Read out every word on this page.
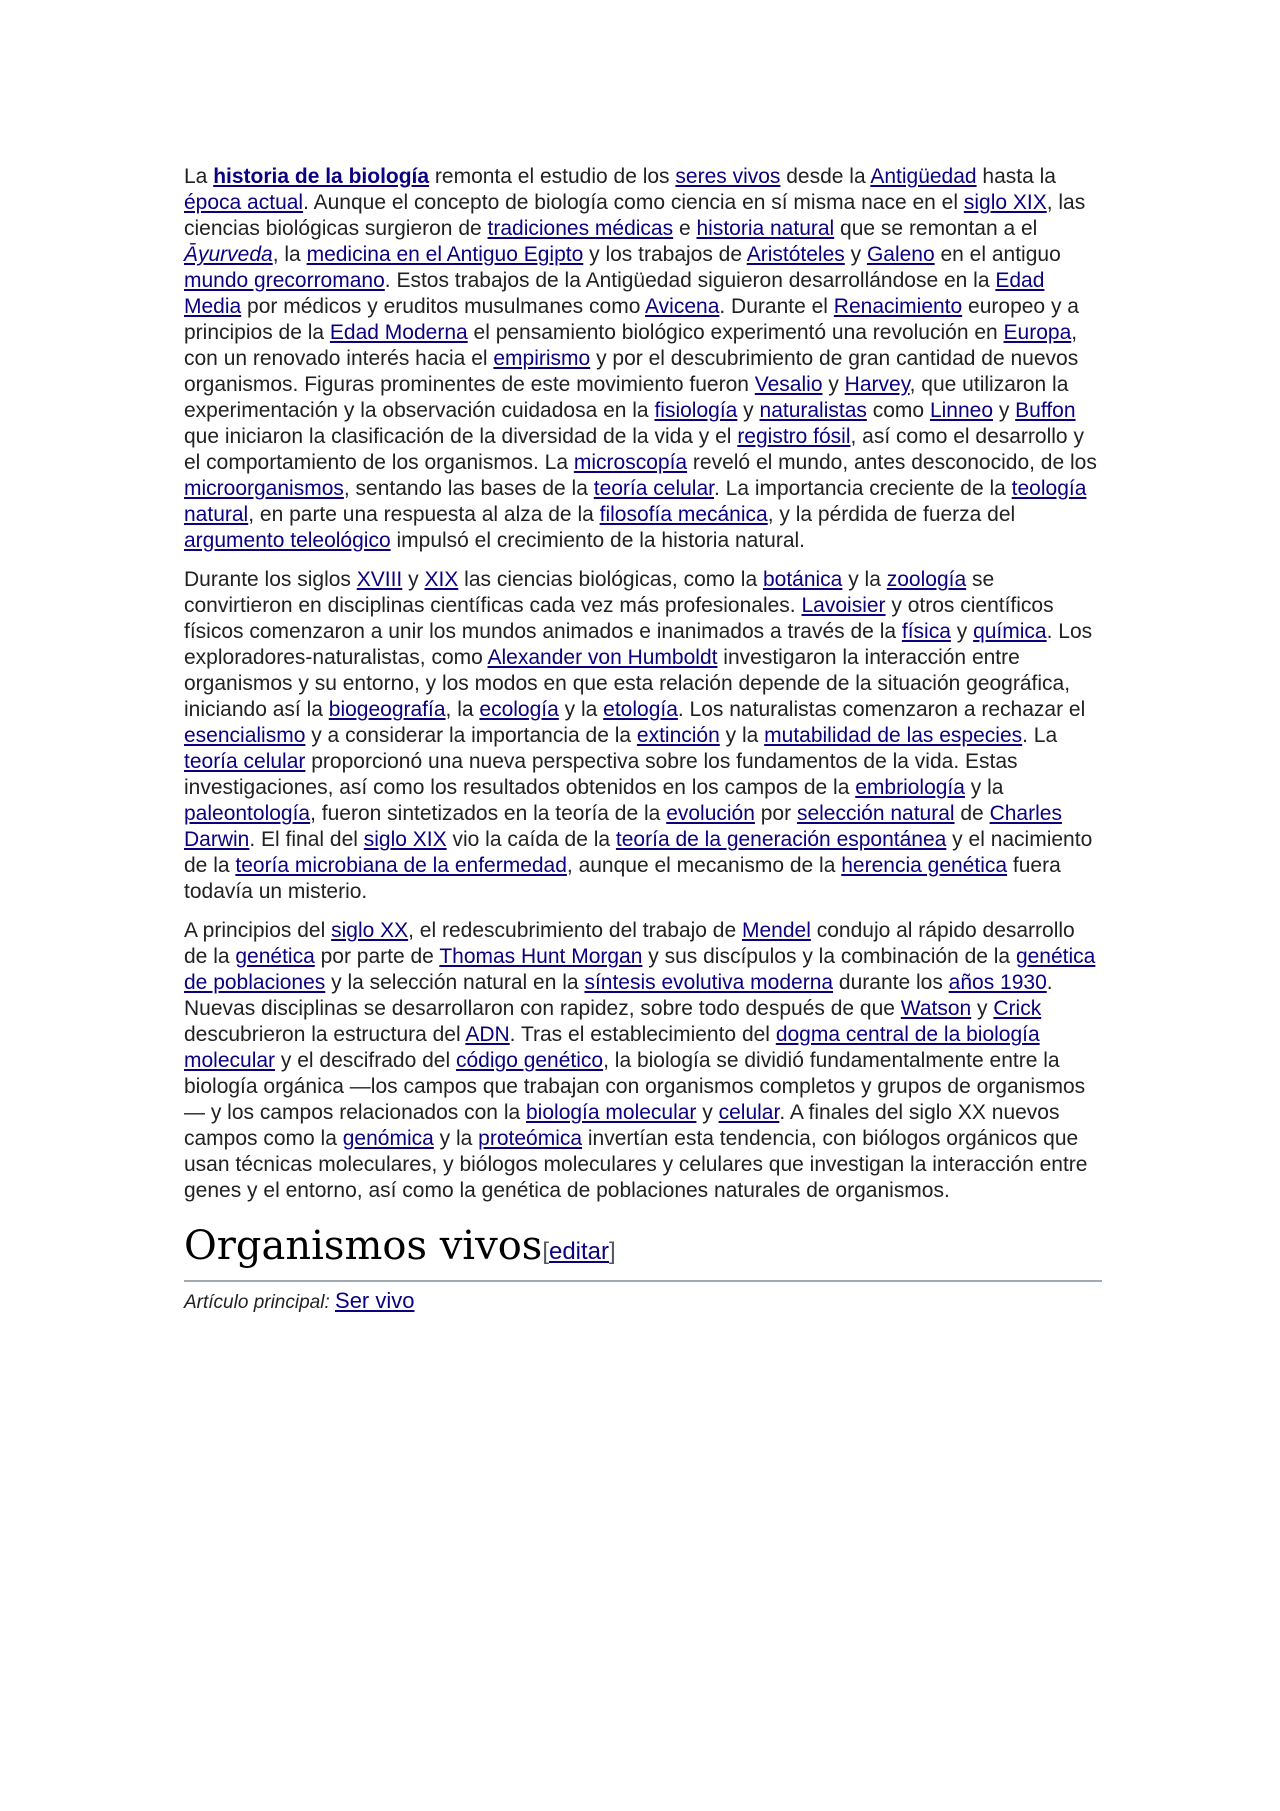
La historia de la biología remonta el estudio de los seres vivos desde la Antigüedad hasta la época actual. Aunque el concepto de biología como ciencia en sí misma nace en el siglo XIX, las ciencias biológicas surgieron de tradiciones médicas e historia natural que se remontan a el Āyurveda, la medicina en el Antiguo Egipto y los trabajos de Aristóteles y Galeno en el antiguo mundo grecorromano. Estos trabajos de la Antigüedad siguieron desarrollándose en la Edad Media por médicos y eruditos musulmanes como Avicena. Durante el Renacimiento europeo y a principios de la Edad Moderna el pensamiento biológico experimentó una revolución en Europa, con un renovado interés hacia el empirismo y por el descubrimiento de gran cantidad de nuevos organismos. Figuras prominentes de este movimiento fueron Vesalio y Harvey, que utilizaron la experimentación y la observación cuidadosa en la fisiología y naturalistas como Linneo y Buffon que iniciaron la clasificación de la diversidad de la vida y el registro fósil, así como el desarrollo y el comportamiento de los organismos. La microscopía reveló el mundo, antes desconocido, de los microorganismos, sentando las bases de la teoría celular. La importancia creciente de la teología natural, en parte una respuesta al alza de la filosofía mecánica, y la pérdida de fuerza del argumento teleológico impulsó el crecimiento de la historia natural.

Durante los siglos XVIII y XIX las ciencias biológicas, como la botánica y la zoología se convirtieron en disciplinas científicas cada vez más profesionales. Lavoisier y otros científicos físicos comenzaron a unir los mundos animados e inanimados a través de la física y química. Los exploradores-naturalistas, como Alexander von Humboldt investigaron la interacción entre organismos y su entorno, y los modos en que esta relación depende de la situación geográfica, iniciando así la biogeografía, la ecología y la etología. Los naturalistas comenzaron a rechazar el esencialismo y a considerar la importancia de la extinción y la mutabilidad de las especies. La teoría celular proporcionó una nueva perspectiva sobre los fundamentos de la vida. Estas investigaciones, así como los resultados obtenidos en los campos de la embriología y la paleontología, fueron sintetizados en la teoría de la evolución por selección natural de Charles Darwin. El final del siglo XIX vio la caída de la teoría de la generación espontánea y el nacimiento de la teoría microbiana de la enfermedad, aunque el mecanismo de la herencia genética fuera todavía un misterio.

A principios del siglo XX, el redescubrimiento del trabajo de Mendel condujo al rápido desarrollo de la genética por parte de Thomas Hunt Morgan y sus discípulos y la combinación de la genética de poblaciones y la selección natural en la síntesis evolutiva moderna durante los años 1930. Nuevas disciplinas se desarrollaron con rapidez, sobre todo después de que Watson y Crick descubrieron la estructura del ADN. Tras el establecimiento del dogma central de la biología molecular y el descifrado del código genético, la biología se dividió fundamentalmente entre la biología orgánica —los campos que trabajan con organismos completos y grupos de organismos— y los campos relacionados con la biología molecular y celular. A finales del siglo XX nuevos campos como la genómica y la proteómica invertían esta tendencia, con biólogos orgánicos que usan técnicas moleculares, y biólogos moleculares y celulares que investigan la interacción entre genes y el entorno, así como la genética de poblaciones naturales de organismos.

Organismos vivos[editar]
Artículo principal: Ser vivo
